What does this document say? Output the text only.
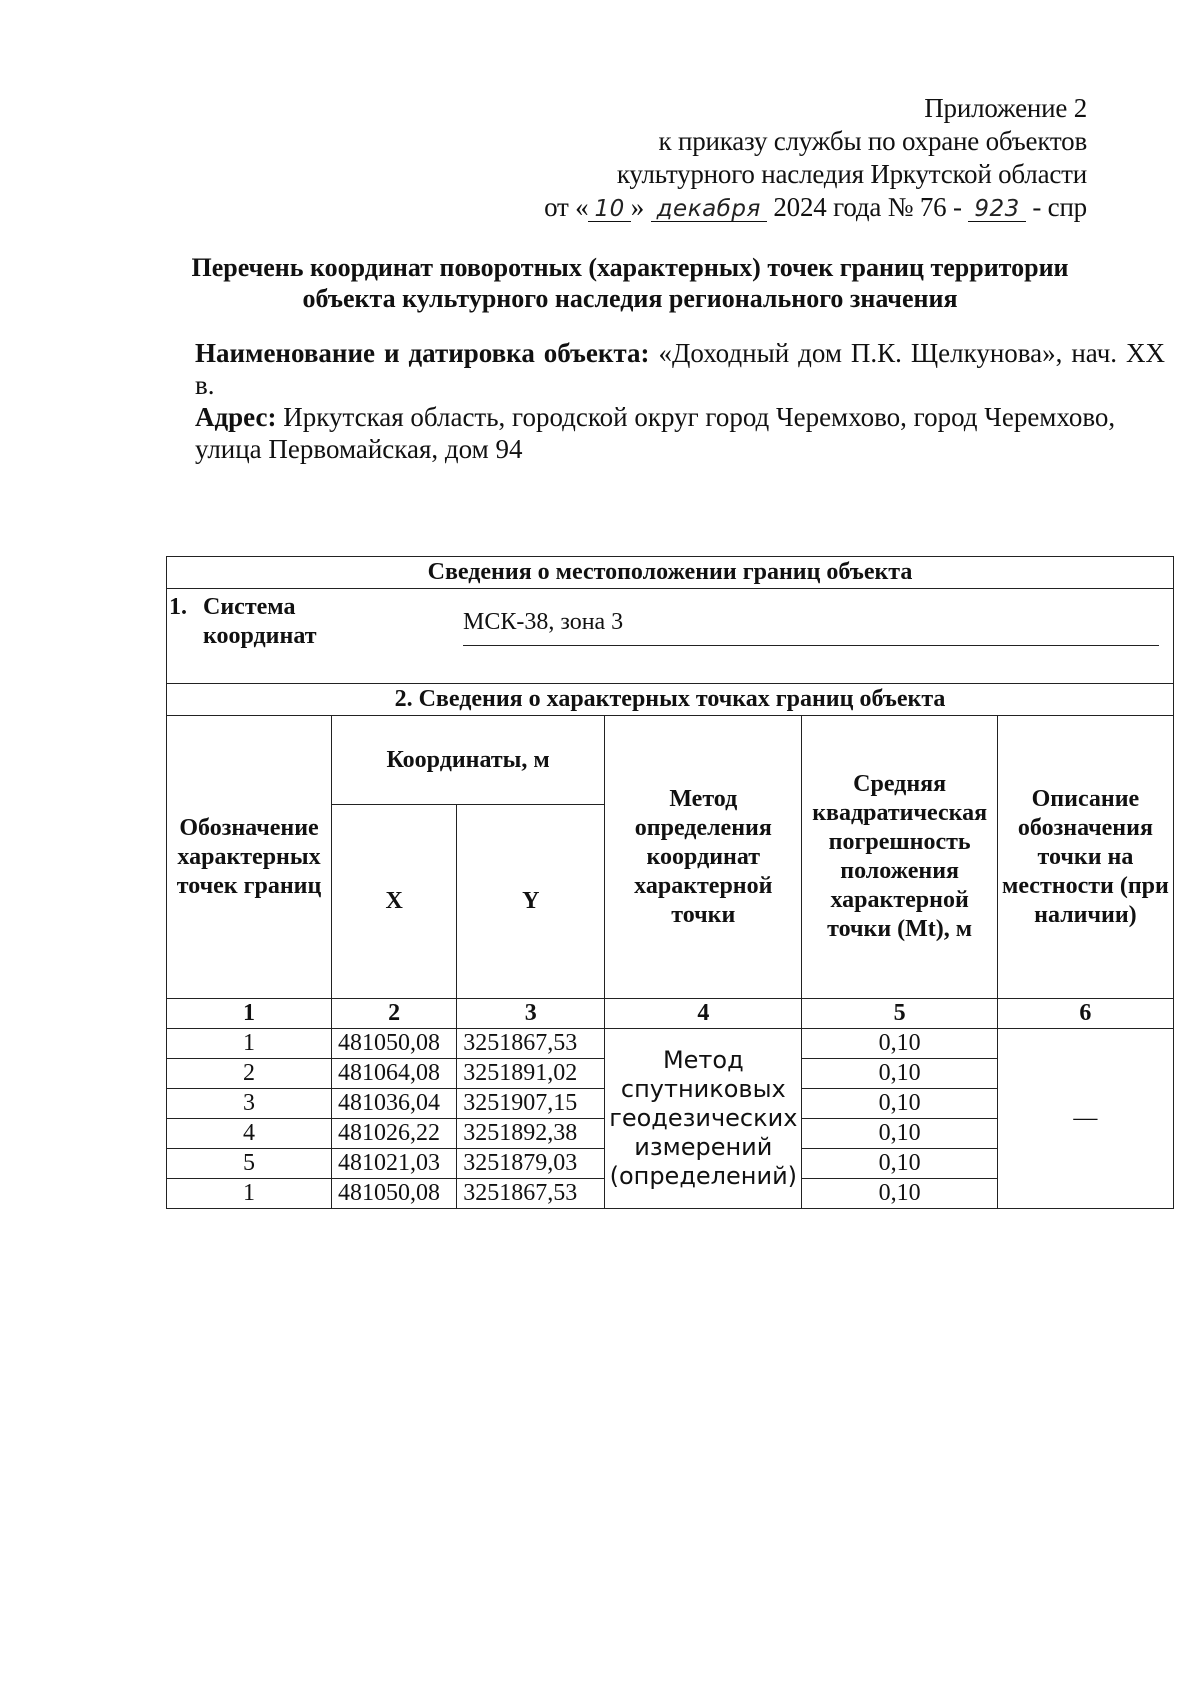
Приложение 2
к приказу службы по охране объектов
культурного наследия Иркутской области
от « 10 » декабря 2024 года № 76 - 923 - спр
Перечень координат поворотных (характерных) точек границ территории
объекта культурного наследия регионального значения

Наименование и датировка объекта: «Доходный дом П.К. Щелкунова», нач. XX в.

Адрес: Иркутская область, городской округ город Черемхово, город Черемхово, улица Первомайская, дом 94

Сведения о местоположении границ объекта					

1. Система
координат
МСК-38, зона 3					

2. Сведения о характерных точках границ объекта					
Обозначение характерных точек границ	Координаты, м		Метод определения координат характерной точки	Средняя квадратическая погрешность положения характерной точки (Mt), м	Описание обозначения точки на местности (при наличии)
	X	Y			
1	2	3	4	5	6
1	481050,08	3251867,53	Метод спутниковых геодезических измерений (определений)	0,10	—
2	481064,08	3251891,02		0,10	
3	481036,04	3251907,15		0,10	
4	481026,22	3251892,38		0,10	
5	481021,03	3251879,03		0,10	
1	481050,08	3251867,53		0,10	
